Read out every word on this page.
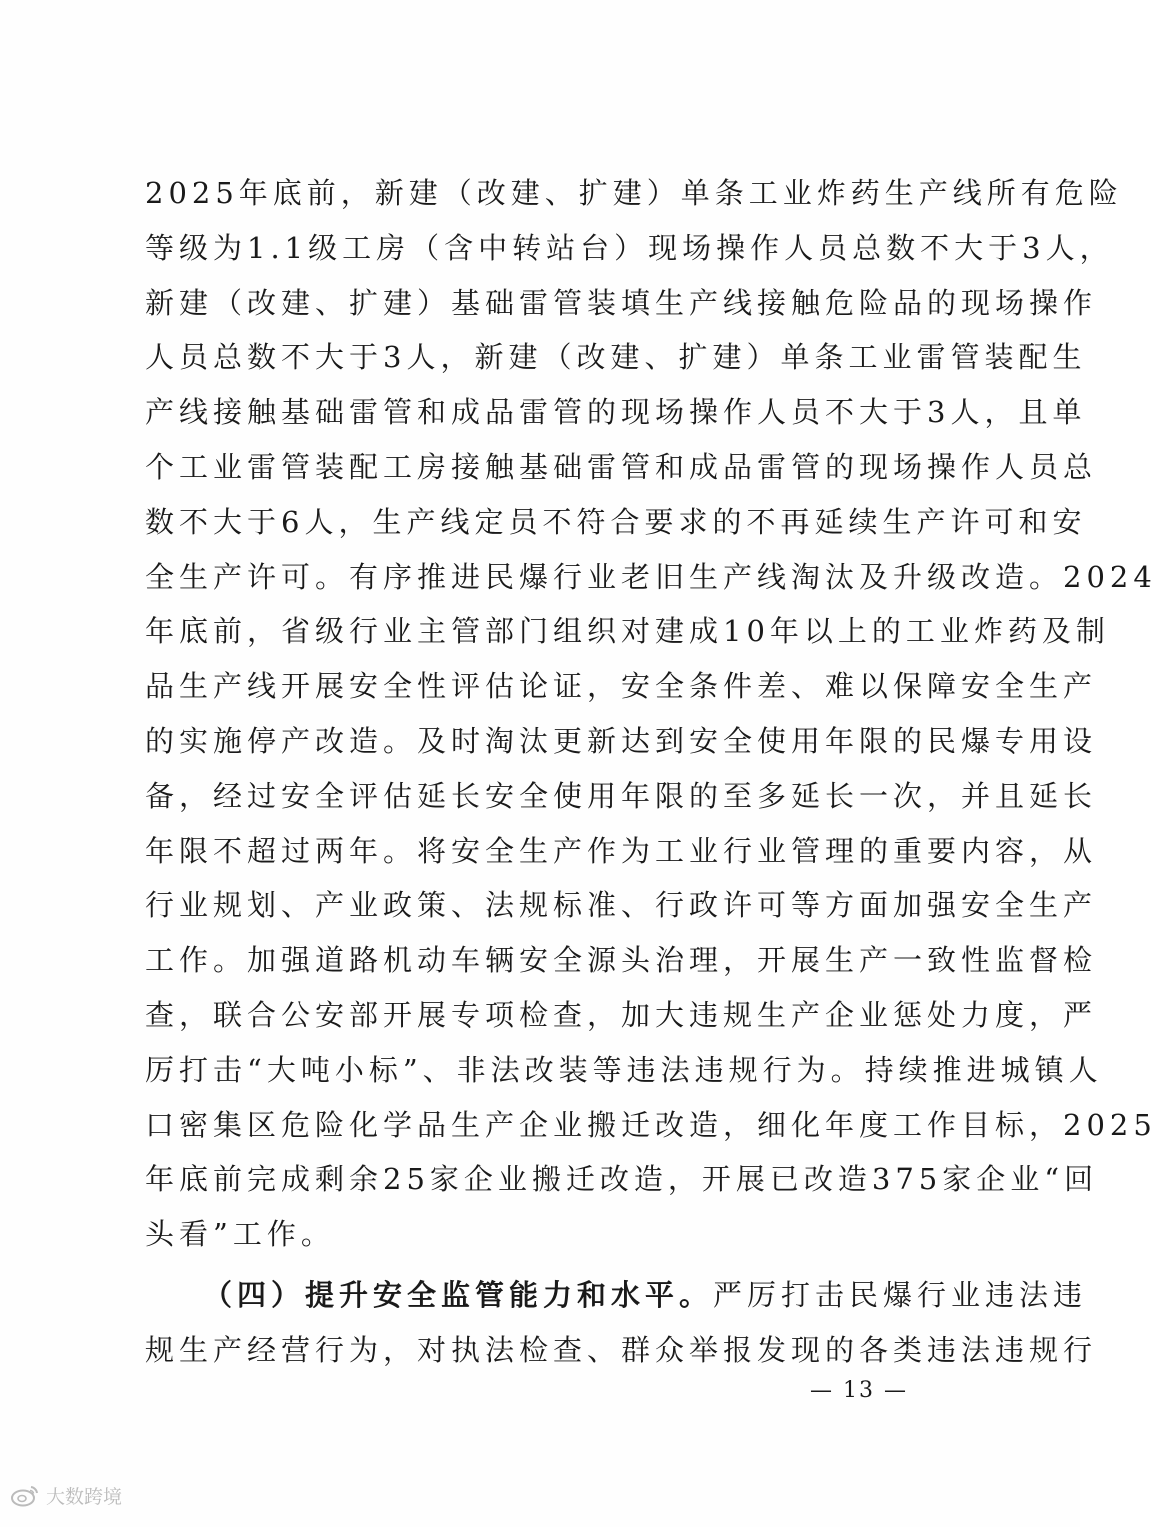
2025年底前，新建（改建、扩建）单条工业炸药生产线所有危险
等级为1.1级工房（含中转站台）现场操作人员总数不大于3人，
新建（改建、扩建）基础雷管装填生产线接触危险品的现场操作
人员总数不大于3人，新建（改建、扩建）单条工业雷管装配生
产线接触基础雷管和成品雷管的现场操作人员不大于3人，且单
个工业雷管装配工房接触基础雷管和成品雷管的现场操作人员总
数不大于6人，生产线定员不符合要求的不再延续生产许可和安
全生产许可。有序推进民爆行业老旧生产线淘汰及升级改造。2024
年底前，省级行业主管部门组织对建成10年以上的工业炸药及制
品生产线开展安全性评估论证，安全条件差、难以保障安全生产
的实施停产改造。及时淘汰更新达到安全使用年限的民爆专用设
备，经过安全评估延长安全使用年限的至多延长一次，并且延长
年限不超过两年。将安全生产作为工业行业管理的重要内容，从
行业规划、产业政策、法规标准、行政许可等方面加强安全生产
工作。加强道路机动车辆安全源头治理，开展生产一致性监督检
查，联合公安部开展专项检查，加大违规生产企业惩处力度，严
厉打击“大吨小标”、非法改装等违法违规行为。持续推进城镇人
口密集区危险化学品生产企业搬迁改造，细化年度工作目标，2025
年底前完成剩余25家企业搬迁改造，开展已改造375家企业“回
头看”工作。
（四）提升安全监管能力和水平。严厉打击民爆行业违法违
规生产经营行为，对执法检查、群众举报发现的各类违法违规行
— 13 —
大数跨境
